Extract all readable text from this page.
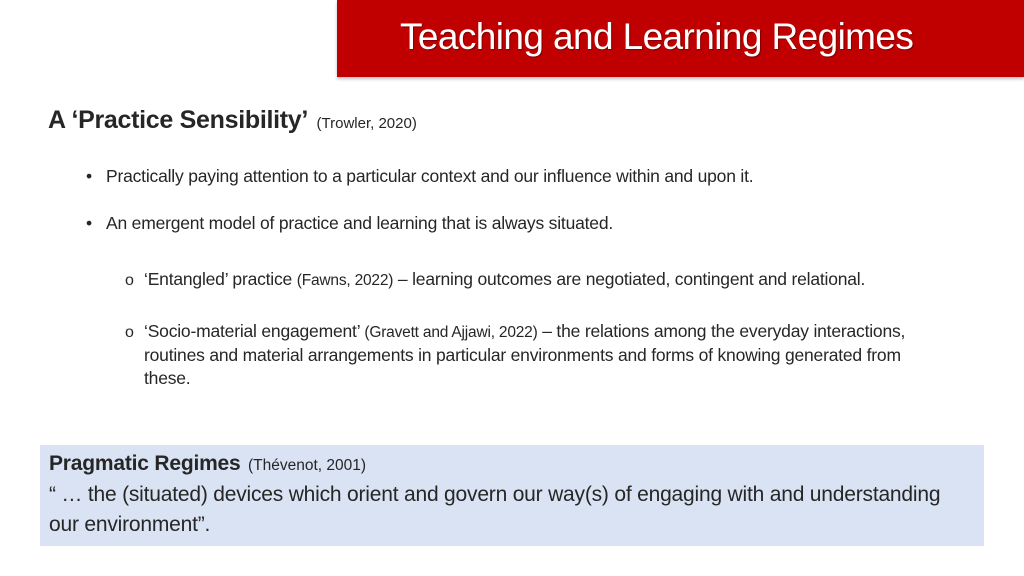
Teaching and Learning Regimes
A ‘Practice Sensibility’ (Trowler, 2020)
• Practically paying attention to a particular context and our influence within and upon it.
• An emergent model of practice and learning that is always situated.
o ‘Entangled’ practice (Fawns, 2022) – learning outcomes are negotiated, contingent and relational.
o ‘Socio-material engagement’ (Gravett and Ajjawi, 2022) – the relations among the everyday interactions, routines and material arrangements in particular environments and forms of knowing generated from these.
Pragmatic Regimes (Thévenot, 2001)
“ … the (situated) devices which orient and govern our way(s) of engaging with and understanding our environment”.
